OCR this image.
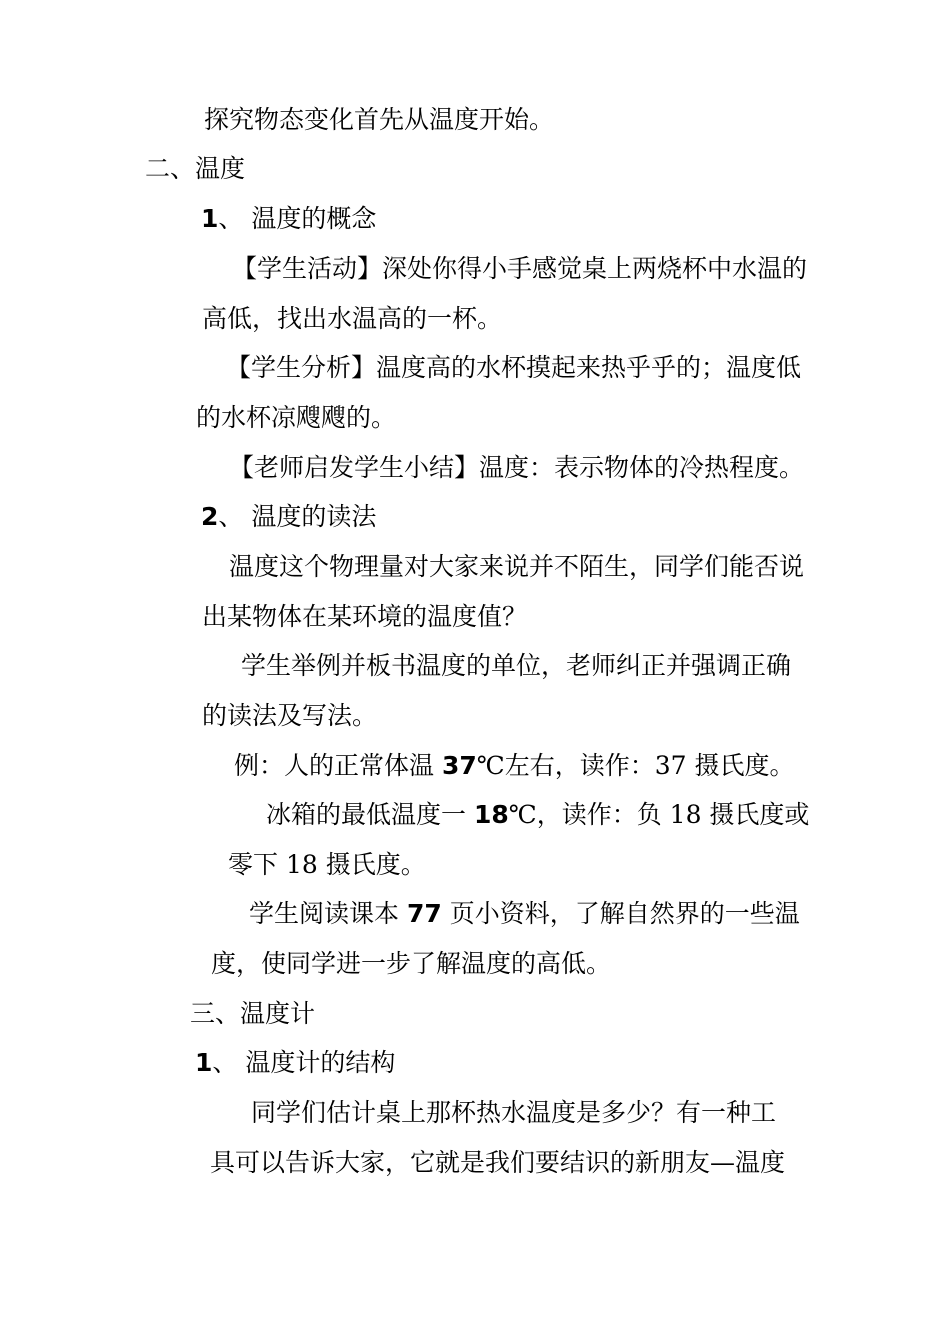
探究物态变化首先从温度开始。
二、温度
1、 温度的概念
【学生活动】深处你得小手感觉桌上两烧杯中水温的
高低，找出水温高的一杯。
【学生分析】温度高的水杯摸起来热乎乎的；温度低
的水杯凉飕飕的。
【老师启发学生小结】温度：表示物体的冷热程度。
2、 温度的读法
温度这个物理量对大家来说并不陌生，同学们能否说
出某物体在某环境的温度值？
学生举例并板书温度的单位，老师纠正并强调正确
的读法及写法。
例：人的正常体温 37℃左右，读作：37 摄氏度。
冰箱的最低温度一 18℃，读作：负 18 摄氏度或
零下 18 摄氏度。
学生阅读课本 77 页小资料，了解自然界的一些温
度，使同学进一步了解温度的高低。
三、温度计
1、 温度计的结构
同学们估计桌上那杯热水温度是多少？有一种工
具可以告诉大家，它就是我们要结识的新朋友—温度
